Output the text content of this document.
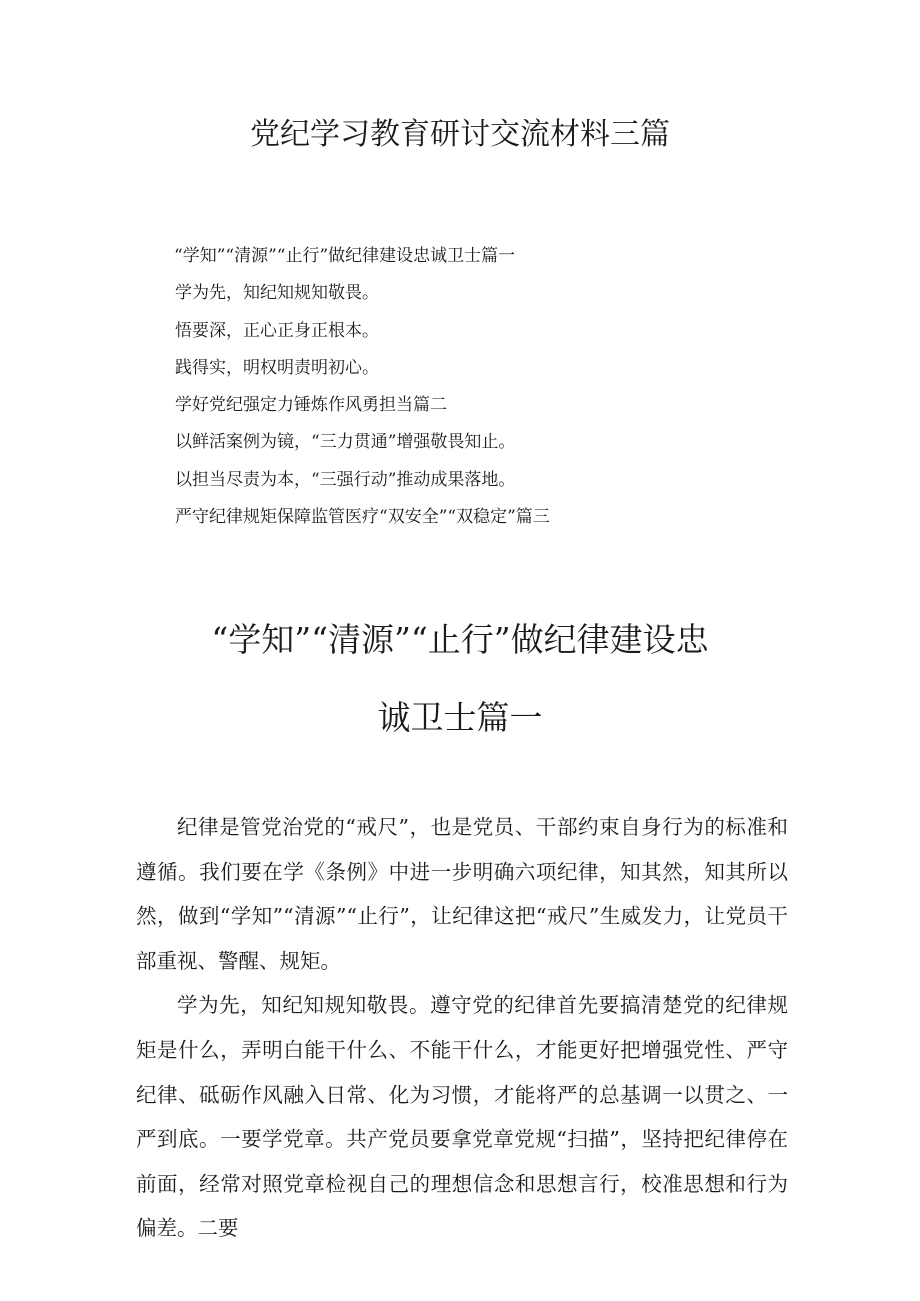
党纪学习教育研讨交流材料三篇
“学知”“清源”“止行”做纪律建设忠诚卫士篇一
学为先，知纪知规知敬畏。
悟要深，正心正身正根本。
践得实，明权明责明初心。
学好党纪强定力锤炼作风勇担当篇二
以鲜活案例为镜，“三力贯通”增强敬畏知止。
以担当尽责为本，“三强行动”推动成果落地。
严守纪律规矩保障监管医疗“双安全”“双稳定”篇三
“学知”“清源”“止行”做纪律建设忠
诚卫士篇一

纪律是管党治党的“戒尺”，也是党员、干部约束自身行为的标准和遵循。我们要在学《条例》中进一步明确六项纪律，知其然，知其所以然，做到“学知”“清源”“止行”，让纪律这把“戒尺”生威发力，让党员干部重视、警醒、规矩。

学为先，知纪知规知敬畏。遵守党的纪律首先要搞清楚党的纪律规矩是什么，弄明白能干什么、不能干什么，才能更好把增强党性、严守纪律、砥砺作风融入日常、化为习惯，才能将严的总基调一以贯之、一严到底。一要学党章。共产党员要拿党章党规“扫描”，坚持把纪律停在前面，经常对照党章检视自己的理想信念和思想言行，校准思想和行为偏差。二要
